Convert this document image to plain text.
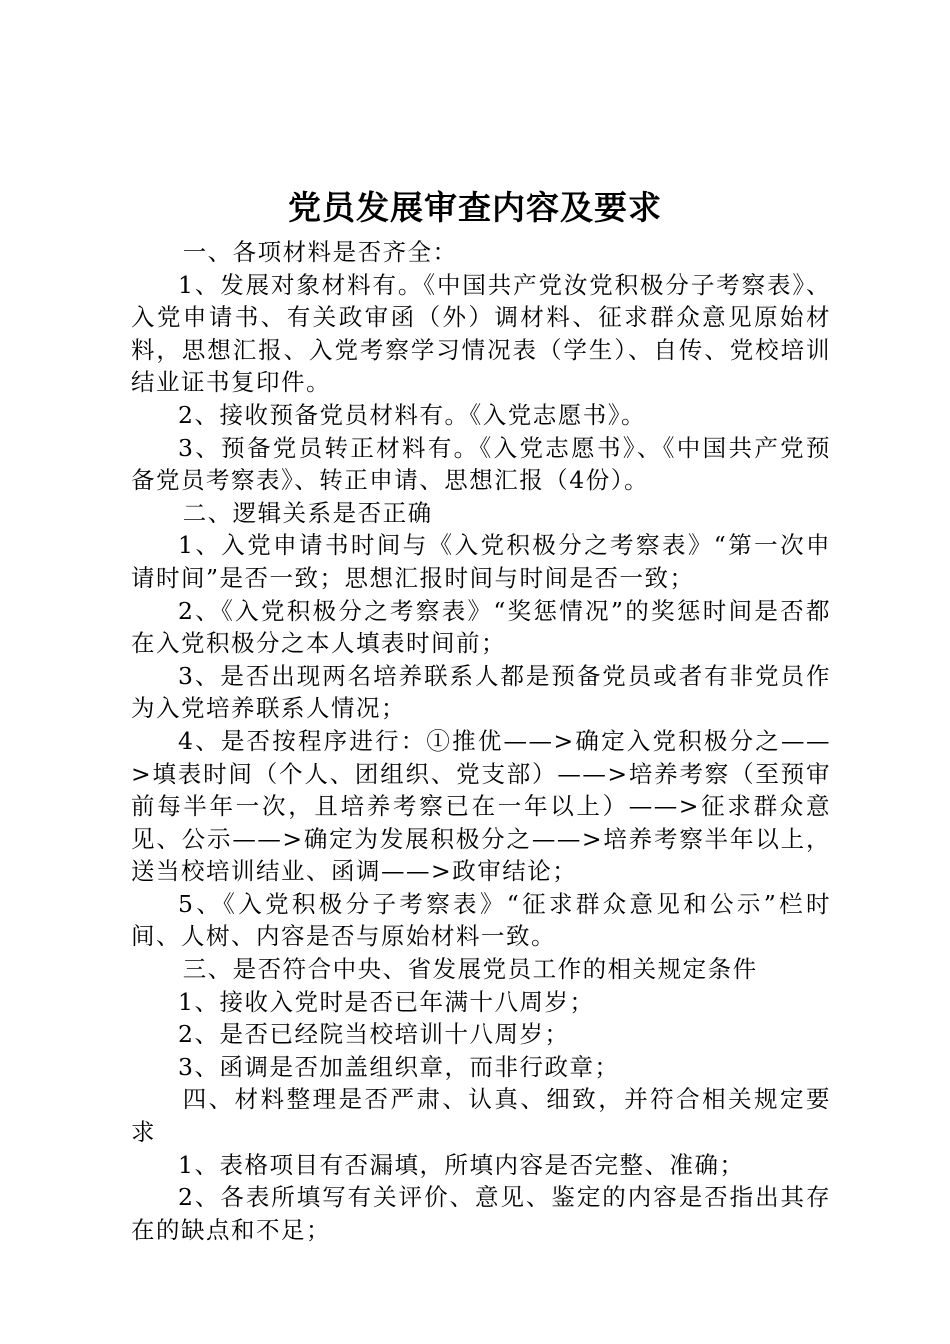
党员发展审查内容及要求

一、各项材料是否齐全：

1、发展对象材料有。《中国共产党汝党积极分子考察表》、入党申请书、有关政审函（外）调材料、征求群众意见原始材料，思想汇报、入党考察学习情况表（学生）、自传、党校培训结业证书复印件。

2、接收预备党员材料有。《入党志愿书》。

3、预备党员转正材料有。《入党志愿书》、《中国共产党预备党员考察表》、转正申请、思想汇报（4份）。

二、逻辑关系是否正确

1、入党申请书时间与《入党积极分之考察表》“第一次申请时间”是否一致；思想汇报时间与时间是否一致；

2、《入党积极分之考察表》“奖惩情况”的奖惩时间是否都在入党积极分之本人填表时间前；

3、是否出现两名培养联系人都是预备党员或者有非党员作为入党培养联系人情况；

4、是否按程序进行：①推优——>确定入党积极分之——>填表时间（个人、团组织、党支部）——>培养考察（至预审前每半年一次，且培养考察已在一年以上）——>征求群众意见、公示——>确定为发展积极分之——>培养考察半年以上，送当校培训结业、函调——>政审结论；

5、《入党积极分子考察表》“征求群众意见和公示”栏时间、人树、内容是否与原始材料一致。

三、是否符合中央、省发展党员工作的相关规定条件

1、接收入党时是否已年满十八周岁；

2、是否已经院当校培训十八周岁；

3、函调是否加盖组织章，而非行政章；

四、材料整理是否严肃、认真、细致，并符合相关规定要求

1、表格项目有否漏填，所填内容是否完整、准确；

2、各表所填写有关评价、意见、鉴定的内容是否指出其存在的缺点和不足；
